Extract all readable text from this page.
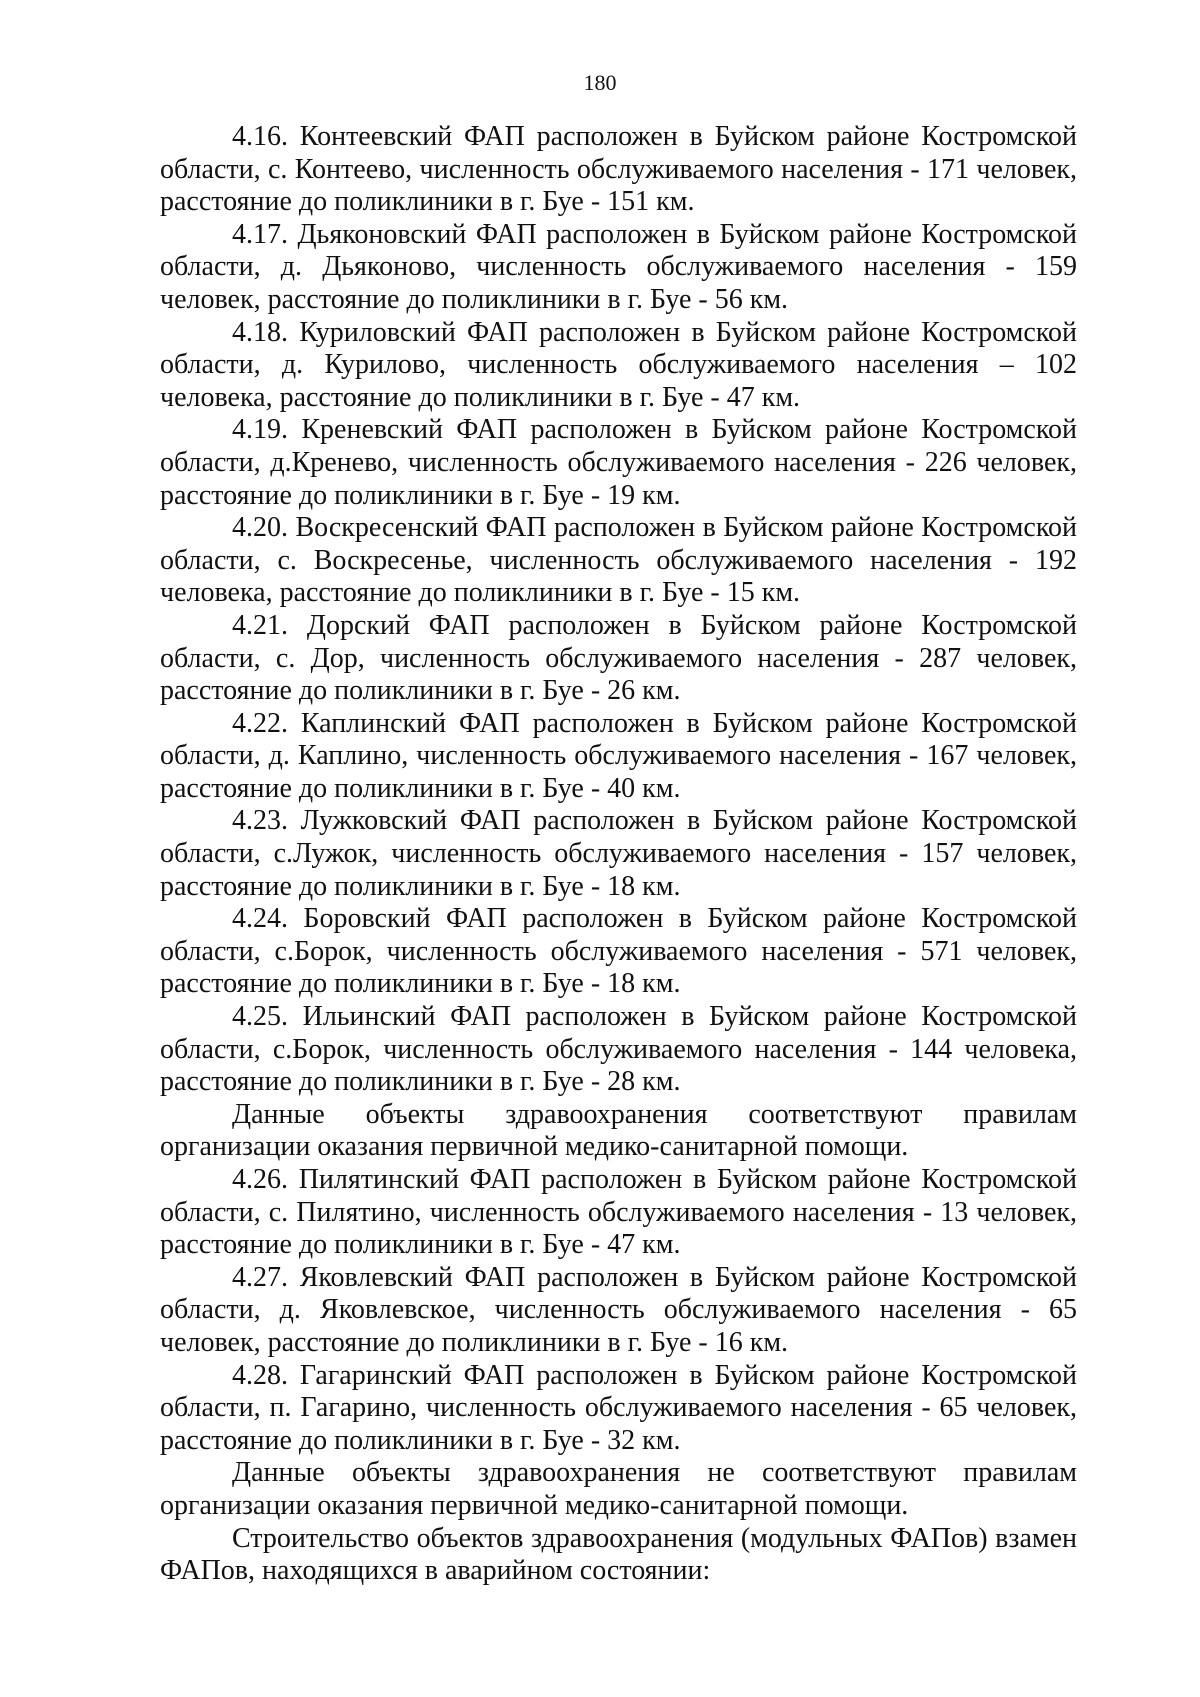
180

4.16. Контеевский ФАП расположен в Буйском районе Костромской области, с. Контеево, численность обслуживаемого населения - 171 человек, расстояние до поликлиники в г. Буе - 151 км.

4.17. Дьяконовский ФАП расположен в Буйском районе Костромской области, д. Дьяконово, численность обслуживаемого населения - 159 человек, расстояние до поликлиники в г. Буе - 56 км.

4.18. Куриловский ФАП расположен в Буйском районе Костромской области, д. Курилово, численность обслуживаемого населения – 102 человека, расстояние до поликлиники в г. Буе - 47 км.

4.19. Креневский ФАП расположен в Буйском районе Костромской области, д.Кренево, численность обслуживаемого населения - 226 человек, расстояние до поликлиники в г. Буе - 19 км.

4.20. Воскресенский ФАП расположен в Буйском районе Костромской области, с. Воскресенье, численность обслуживаемого населения - 192 человека, расстояние до поликлиники в г. Буе - 15 км.

4.21. Дорский ФАП расположен в Буйском районе Костромской области, с. Дор, численность обслуживаемого населения - 287 человек, расстояние до поликлиники в г. Буе - 26 км.

4.22. Каплинский ФАП расположен в Буйском районе Костромской области, д. Каплино, численность обслуживаемого населения - 167 человек, расстояние до поликлиники в г. Буе - 40 км.

4.23. Лужковский ФАП расположен в Буйском районе Костромской области, с.Лужок, численность обслуживаемого населения - 157 человек, расстояние до поликлиники в г. Буе - 18 км.

4.24. Боровский ФАП расположен в Буйском районе Костромской области, с.Борок, численность обслуживаемого населения - 571 человек, расстояние до поликлиники в г. Буе - 18 км.

4.25. Ильинский ФАП расположен в Буйском районе Костромской области, с.Борок, численность обслуживаемого населения - 144 человека, расстояние до поликлиники в г. Буе - 28 км.

Данные объекты здравоохранения соответствуют правилам организации оказания первичной медико-санитарной помощи.

4.26. Пилятинский ФАП расположен в Буйском районе Костромской области, с. Пилятино, численность обслуживаемого населения - 13 человек, расстояние до поликлиники в г. Буе - 47 км.

4.27. Яковлевский ФАП расположен в Буйском районе Костромской области, д. Яковлевское, численность обслуживаемого населения - 65 человек, расстояние до поликлиники в г. Буе - 16 км.

4.28. Гагаринский ФАП расположен в Буйском районе Костромской области, п. Гагарино, численность обслуживаемого населения - 65 человек, расстояние до поликлиники в г. Буе - 32 км.

Данные объекты здравоохранения не соответствуют правилам организации оказания первичной медико-санитарной помощи.

Строительство объектов здравоохранения (модульных ФАПов) взамен ФАПов, находящихся в аварийном состоянии:
